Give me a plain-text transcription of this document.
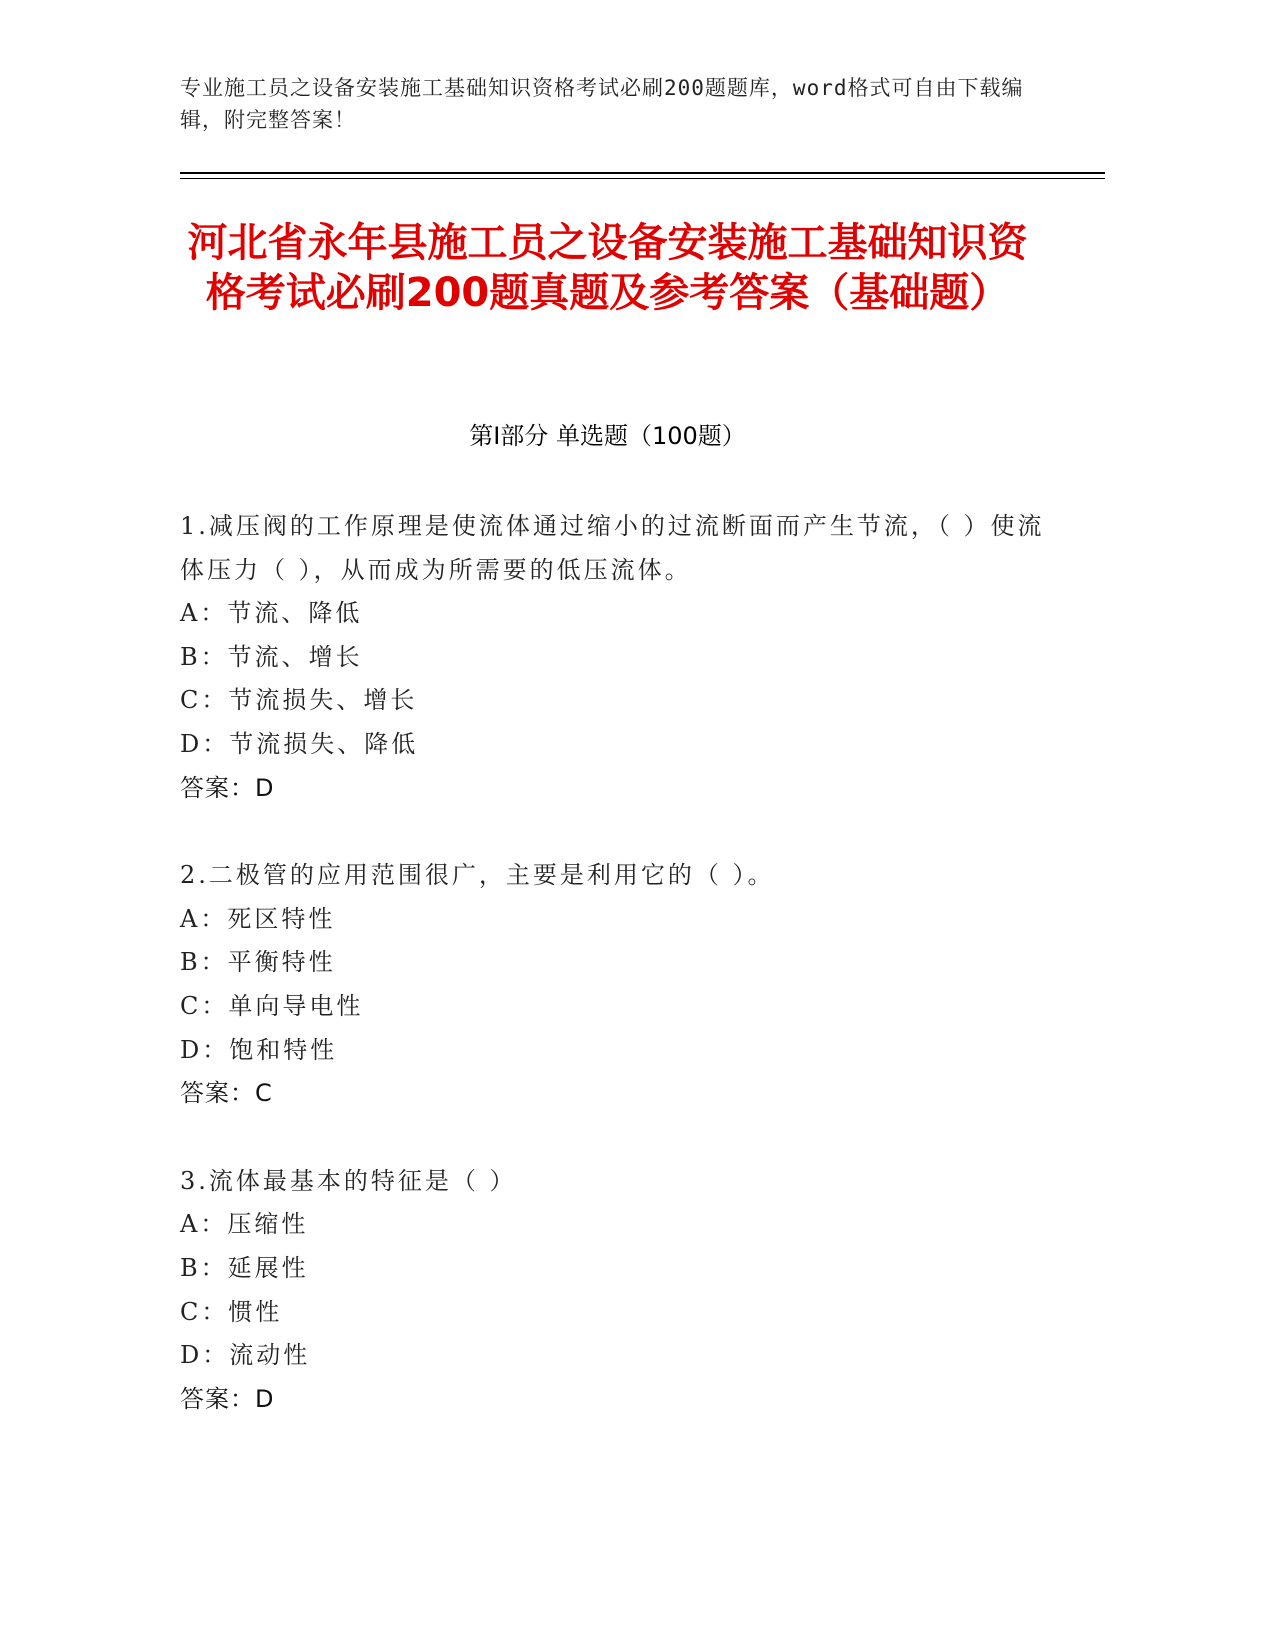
专业施工员之设备安装施工基础知识资格考试必刷200题题库，word格式可自由下载编辑，附完整答案！
河北省永年县施工员之设备安装施工基础知识资格考试必刷200题真题及参考答案（基础题）
第Ⅰ部分 单选题（100题）

1.减压阀的工作原理是使流体通过缩小的过流断面而产生节流，（ ）使流体压力（ ），从而成为所需要的低压流体。

A：节流、降低

B：节流、增长

C：节流损失、增长

D：节流损失、降低

答案：D

2.二极管的应用范围很广，主要是利用它的（ ）。

A：死区特性

B：平衡特性

C：单向导电性

D：饱和特性

答案：C

3.流体最基本的特征是（ ）

A：压缩性

B：延展性

C：惯性

D：流动性

答案：D
